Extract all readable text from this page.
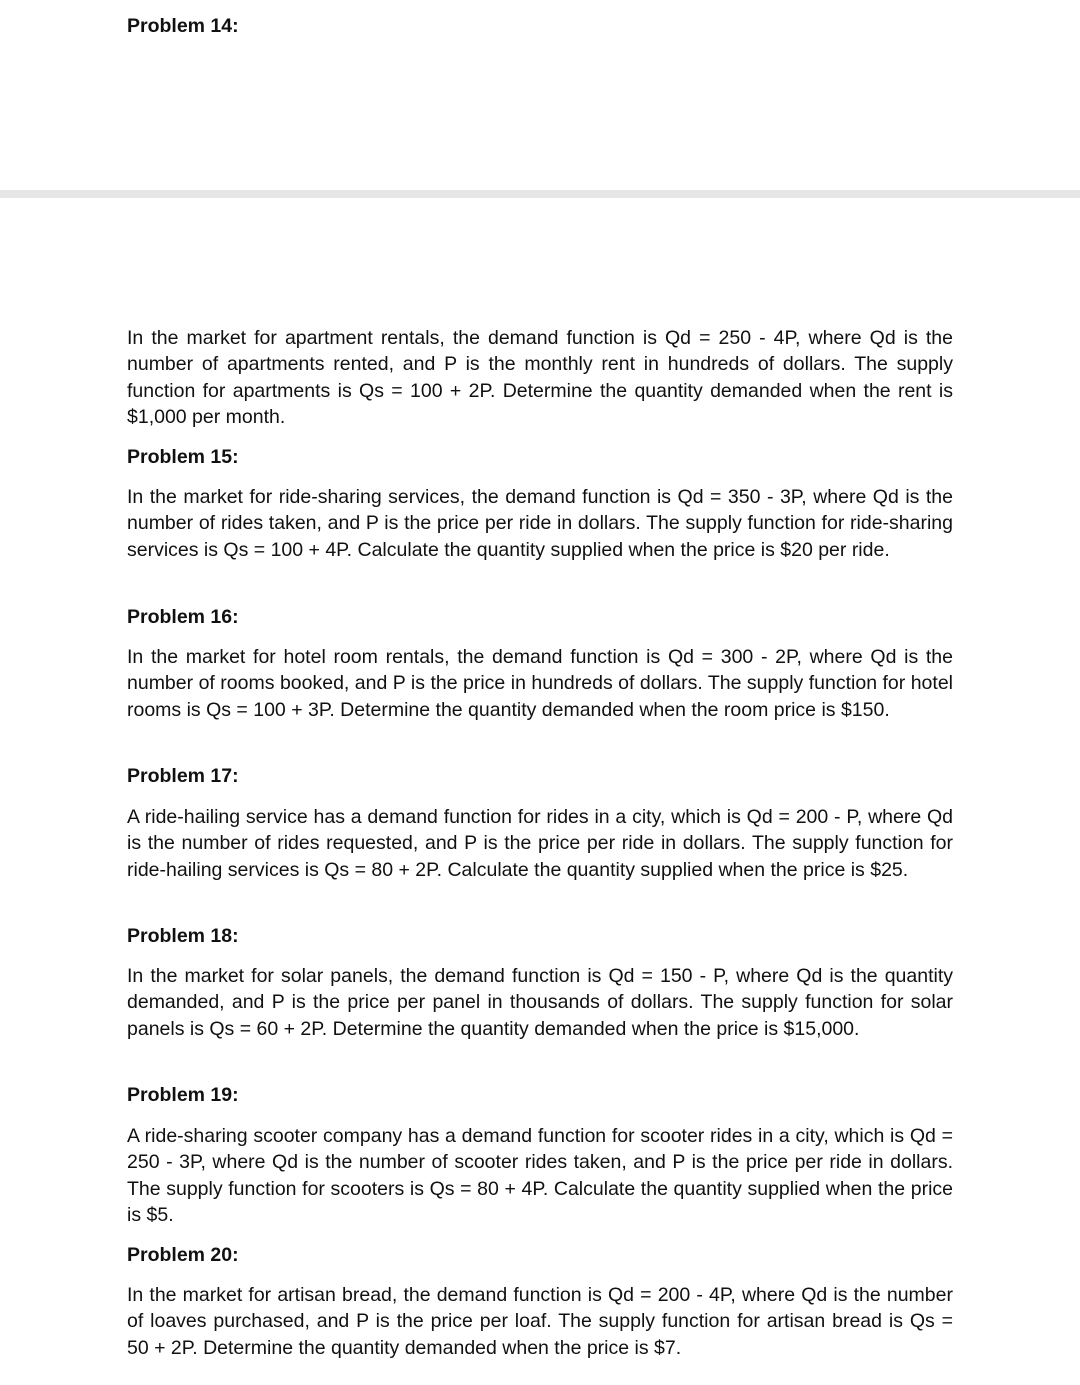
Problem 14:

In the market for apartment rentals, the demand function is Qd = 250 - 4P, where Qd is the number of apartments rented, and P is the monthly rent in hundreds of dollars. The supply function for apartments is Qs = 100 + 2P. Determine the quantity demanded when the rent is $1,000 per month.

Problem 15:

In the market for ride-sharing services, the demand function is Qd = 350 - 3P, where Qd is the number of rides taken, and P is the price per ride in dollars. The supply function for ride-sharing services is Qs = 100 + 4P. Calculate the quantity supplied when the price is $20 per ride.

Problem 16:

In the market for hotel room rentals, the demand function is Qd = 300 - 2P, where Qd is the number of rooms booked, and P is the price in hundreds of dollars. The supply function for hotel rooms is Qs = 100 + 3P. Determine the quantity demanded when the room price is $150.

Problem 17:

A ride-hailing service has a demand function for rides in a city, which is Qd = 200 - P, where Qd is the number of rides requested, and P is the price per ride in dollars. The supply function for ride-hailing services is Qs = 80 + 2P. Calculate the quantity supplied when the price is $25.

Problem 18:

In the market for solar panels, the demand function is Qd = 150 - P, where Qd is the quantity demanded, and P is the price per panel in thousands of dollars. The supply function for solar panels is Qs = 60 + 2P. Determine the quantity demanded when the price is $15,000.

Problem 19:

A ride-sharing scooter company has a demand function for scooter rides in a city, which is Qd = 250 - 3P, where Qd is the number of scooter rides taken, and P is the price per ride in dollars. The supply function for scooters is Qs = 80 + 4P. Calculate the quantity supplied when the price is $5.

Problem 20:

In the market for artisan bread, the demand function is Qd = 200 - 4P, where Qd is the number of loaves purchased, and P is the price per loaf. The supply function for artisan bread is Qs = 50 + 2P. Determine the quantity demanded when the price is $7.
